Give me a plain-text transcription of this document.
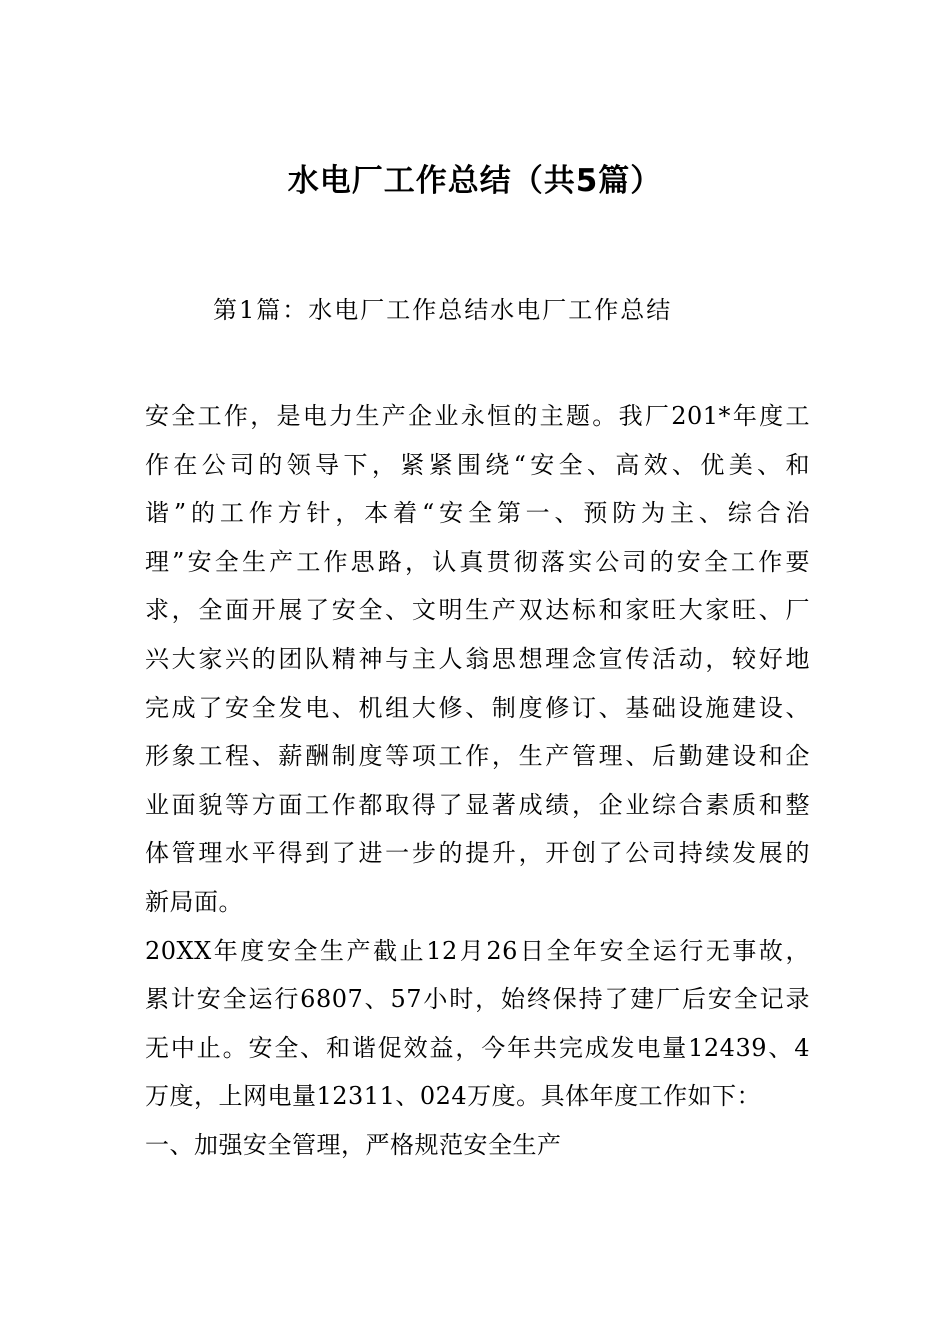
水电厂工作总结（共5篇）
第1篇：水电厂工作总结水电厂工作总结
安全工作，是电力生产企业永恒的主题。我厂201*年度工
作在公司的领导下，紧紧围绕“安全、高效、优美、和
谐”的工作方针，本着“安全第一、预防为主、综合治
理”安全生产工作思路，认真贯彻落实公司的安全工作要
求，全面开展了安全、文明生产双达标和家旺大家旺、厂
兴大家兴的团队精神与主人翁思想理念宣传活动，较好地
完成了安全发电、机组大修、制度修订、基础设施建设、
形象工程、薪酬制度等项工作，生产管理、后勤建设和企
业面貌等方面工作都取得了显著成绩，企业综合素质和整
体管理水平得到了进一步的提升，开创了公司持续发展的
新局面。
20XX年度安全生产截止12月26日全年安全运行无事故，
累计安全运行6807、57小时，始终保持了建厂后安全记录
无中止。安全、和谐促效益，今年共完成发电量12439、4
万度，上网电量12311、024万度。具体年度工作如下：
一、加强安全管理，严格规范安全生产
